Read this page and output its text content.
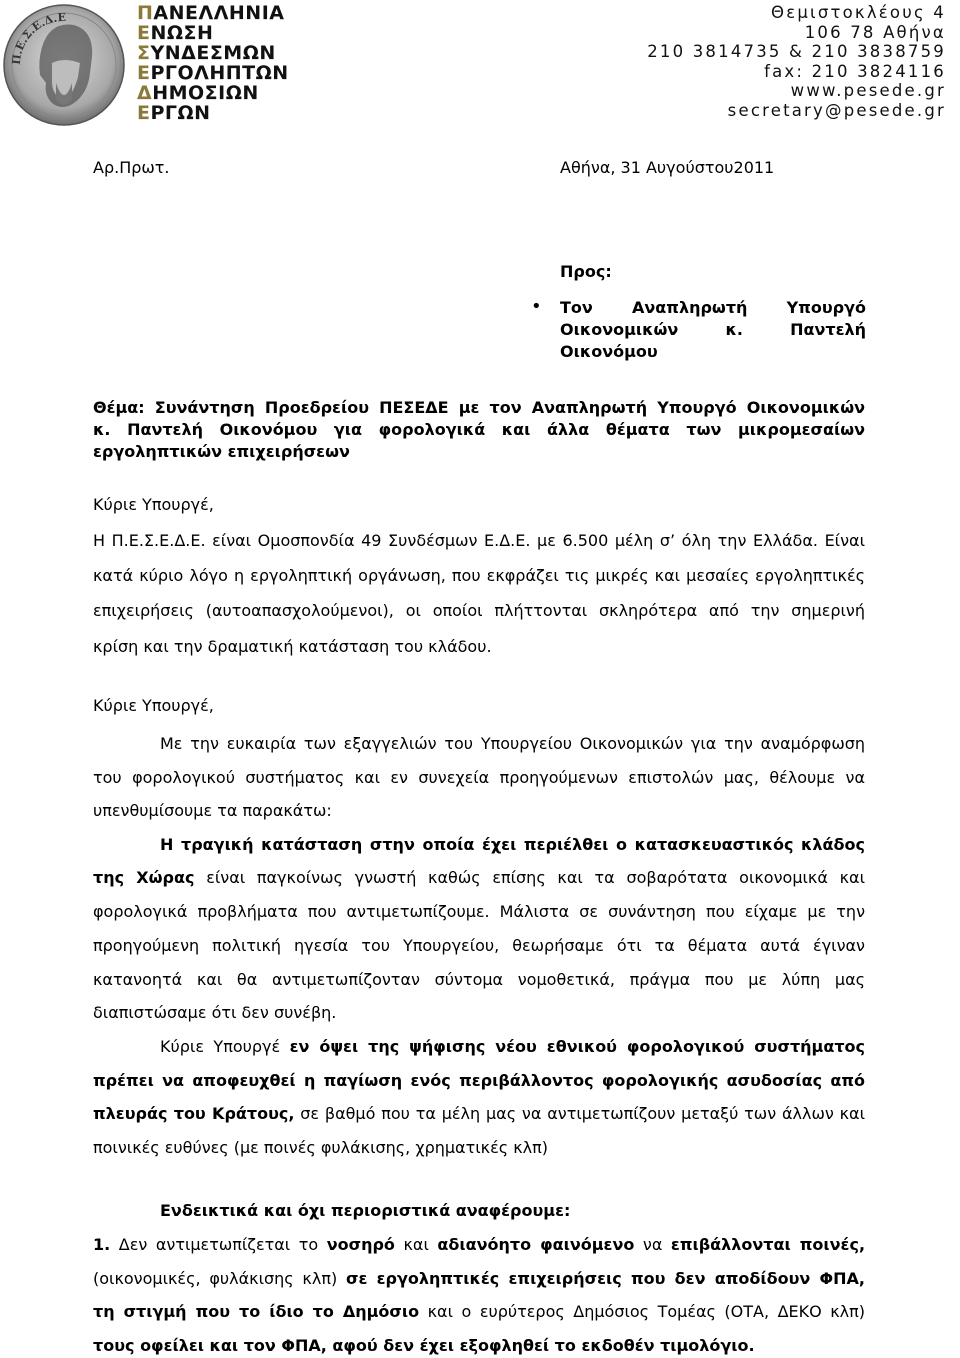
Π.Ε.Σ.Ε.Δ.Ε	ΠΑΝΕΛΛΗΝΙΑ
ΕΝΩΣΗ
ΣΥΝΔΕΣΜΩΝ
ΕΡΓΟΛΗΠΤΩΝ
ΔΗΜΟΣΙΩΝ
ΕΡΓΩΝ
Θεμιστοκλέους 4
106 78 Αθήνα
210 3814735 & 210 3838759
fax: 210 3824116
www.pesede.gr
secretary@pesede.gr
Αρ.Πρωτ.	Αθήνα, 31 Αυγούστου2011
Προς:
• Τον Αναπληρωτή Υπουργό
Οικονομικών κ. Παντελή
Οικονόμου
Θέμα: Συνάντηση Προεδρείου ΠΕΣΕΔΕ με τον Αναπληρωτή Υπουργό Οικονομικών
κ. Παντελή Οικονόμου για φορολογικά και άλλα θέματα των μικρομεσαίων
εργοληπτικών επιχειρήσεων
Κύριε Υπουργέ,
Η Π.Ε.Σ.Ε.Δ.Ε. είναι Ομοσπονδία 49 Συνδέσμων Ε.Δ.Ε. με 6.500 μέλη σ’ όλη την Ελλάδα. Είναι
κατά κύριο λόγο η εργοληπτική οργάνωση, που εκφράζει τις μικρές και μεσαίες εργοληπτικές
επιχειρήσεις (αυτοαπασχολούμενοι), οι οποίοι πλήττονται σκληρότερα από την σημερινή
κρίση και την δραματική κατάσταση του κλάδου.
Κύριε Υπουργέ,
Με την ευκαιρία των εξαγγελιών του Υπουργείου Οικονομικών για την αναμόρφωση
του φορολογικού συστήματος και εν συνεχεία προηγούμενων επιστολών μας, θέλουμε να
υπενθυμίσουμε τα παρακάτω:
Η τραγική κατάσταση στην οποία έχει περιέλθει ο κατασκευαστικός κλάδος
της Χώρας είναι παγκοίνως γνωστή καθώς επίσης και τα σοβαρότατα οικονομικά και
φορολογικά προβλήματα που αντιμετωπίζουμε. Μάλιστα σε συνάντηση που είχαμε με την
προηγούμενη πολιτική ηγεσία του Υπουργείου, θεωρήσαμε ότι τα θέματα αυτά έγιναν
κατανοητά και θα αντιμετωπίζονταν σύντομα νομοθετικά, πράγμα που με λύπη μας
διαπιστώσαμε ότι δεν συνέβη.
Κύριε Υπουργέ εν όψει της ψήφισης νέου εθνικού φορολογικού συστήματος
πρέπει να αποφευχθεί η παγίωση ενός περιβάλλοντος φορολογικής ασυδοσίας από
πλευράς του Κράτους, σε βαθμό που τα μέλη μας να αντιμετωπίζουν μεταξύ των άλλων και
ποινικές ευθύνες (με ποινές φυλάκισης, χρηματικές κλπ)
Ενδεικτικά και όχι περιοριστικά αναφέρουμε:
1. Δεν αντιμετωπίζεται το νοσηρό και αδιανόητο φαινόμενο να επιβάλλονται ποινές,
(οικονομικές, φυλάκισης κλπ) σε εργοληπτικές επιχειρήσεις που δεν αποδίδουν ΦΠΑ,
τη στιγμή που το ίδιο το Δημόσιο και ο ευρύτερος Δημόσιος Τομέας (ΟΤΑ, ΔΕΚΟ κλπ)
τους οφείλει και τον ΦΠΑ, αφού δεν έχει εξοφληθεί το εκδοθέν τιμολόγιο.
